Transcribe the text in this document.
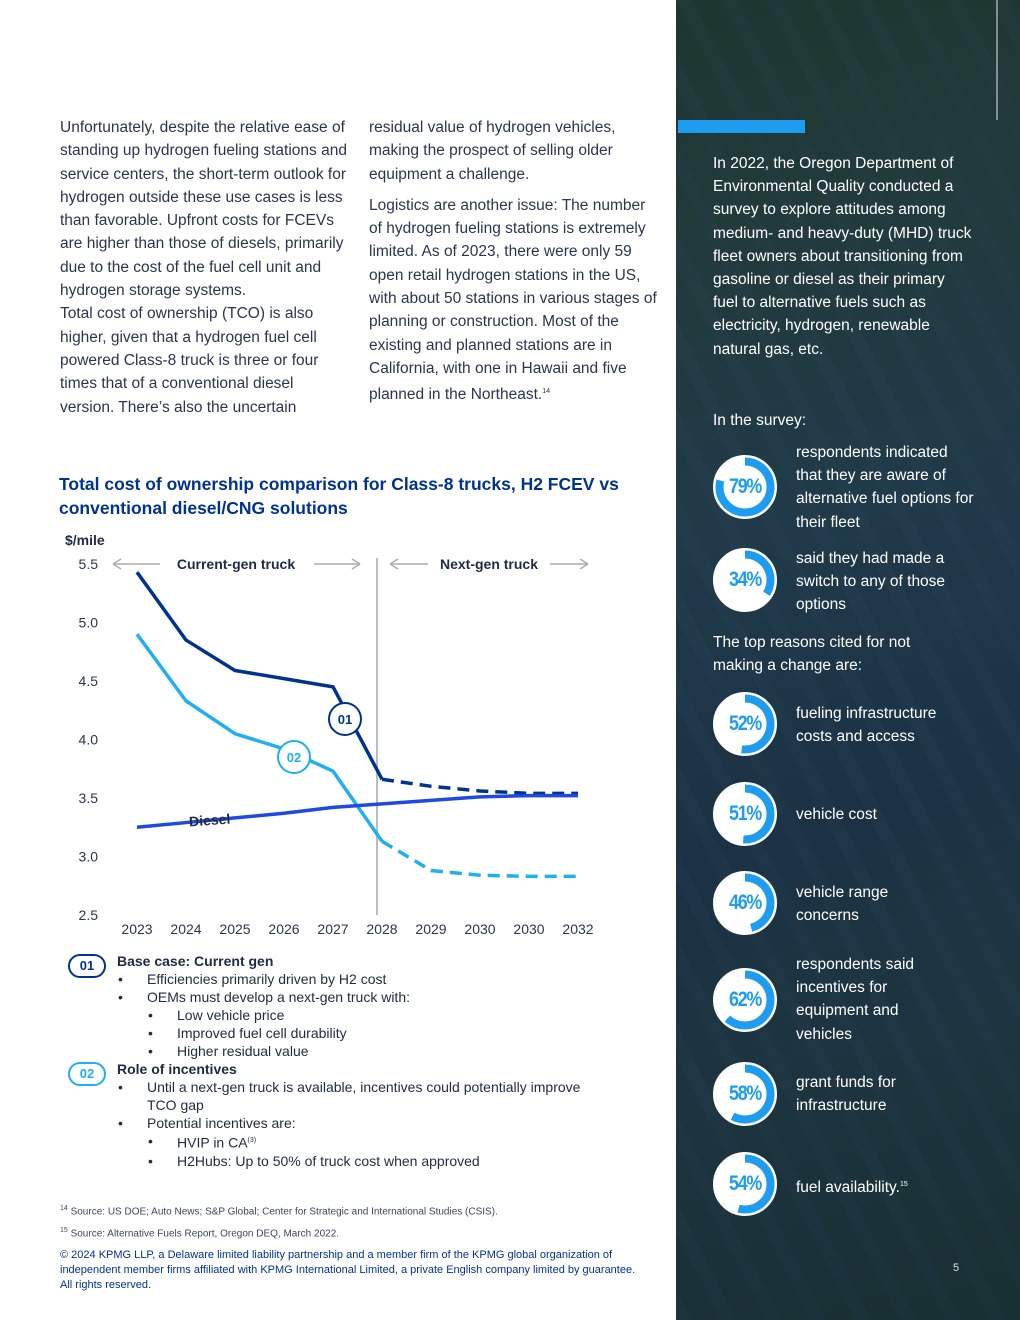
Unfortunately, despite the relative ease of standing up hydrogen fueling stations and service centers, the short-term outlook for hydrogen outside these use cases is less than favorable. Upfront costs for FCEVs are higher than those of diesels, primarily due to the cost of the fuel cell unit and hydrogen storage systems.

Total cost of ownership (TCO) is also higher, given that a hydrogen fuel cell powered Class-8 truck is three or four times that of a conventional diesel version. There’s also the uncertain

residual value of hydrogen vehicles, making the prospect of selling older equipment a challenge.

Logistics are another issue: The number of hydrogen fueling stations is extremely limited. As of 2023, there were only 59 open retail hydrogen stations in the US, with about 50 stations in various stages of planning or construction. Most of the existing and planned stations are in California, with one in Hawaii and five planned in the Northeast.$^{14}$

Total cost of ownership comparison for Class-8 trucks, H2 FCEV vs conventional diesel/CNG solutions
$/mile
5.5
5.0
4.5
4.0
3.5
3.0
2.5
2023 2024 2025 2026 2027 2028 2029 2030 2030 2032
Current-gen truck	Next-gen truck
01
02
Diesel
01	Base case: Current gen
• Efficiencies primarily driven by H2 cost
• OEMs must develop a next-gen truck with:
• Low vehicle price
• Improved fuel cell durability
• Higher residual value
02	Role of incentives
• Until a next-gen truck is available, incentives could potentially improve TCO gap
• Potential incentives are:
• HVIP in CA$^{(3)}$
• H2Hubs: Up to 50% of truck cost when approved
$^{14}$ Source: US DOE; Auto News; S&P Global; Center for Strategic and International Studies (CSIS).
$^{15}$ Source: Alternative Fuels Report, Oregon DEQ, March 2022.
© 2024 KPMG LLP, a Delaware limited liability partnership and a member firm of the KPMG global organization of independent member firms affiliated with KPMG International Limited, a private English company limited by guarantee. All rights reserved.
In 2022, the Oregon Department of Environmental Quality conducted a survey to explore attitudes among medium- and heavy-duty (MHD) truck fleet owners about transitioning from gasoline or diesel as their primary fuel to alternative fuels such as electricity, hydrogen, renewable natural gas, etc.
In the survey:
The top reasons cited for not making a change are:
79%
respondents indicated that they are aware of alternative fuel options for their fleet
34%
said they had made a switch to any of those options
52%	fueling infrastructure costs and access
51%	vehicle cost
46%	vehicle range concerns
62%
respondents said incentives for equipment and vehicles
58%	grant funds for infrastructure
54%	fuel availability.$^{15}$
5
